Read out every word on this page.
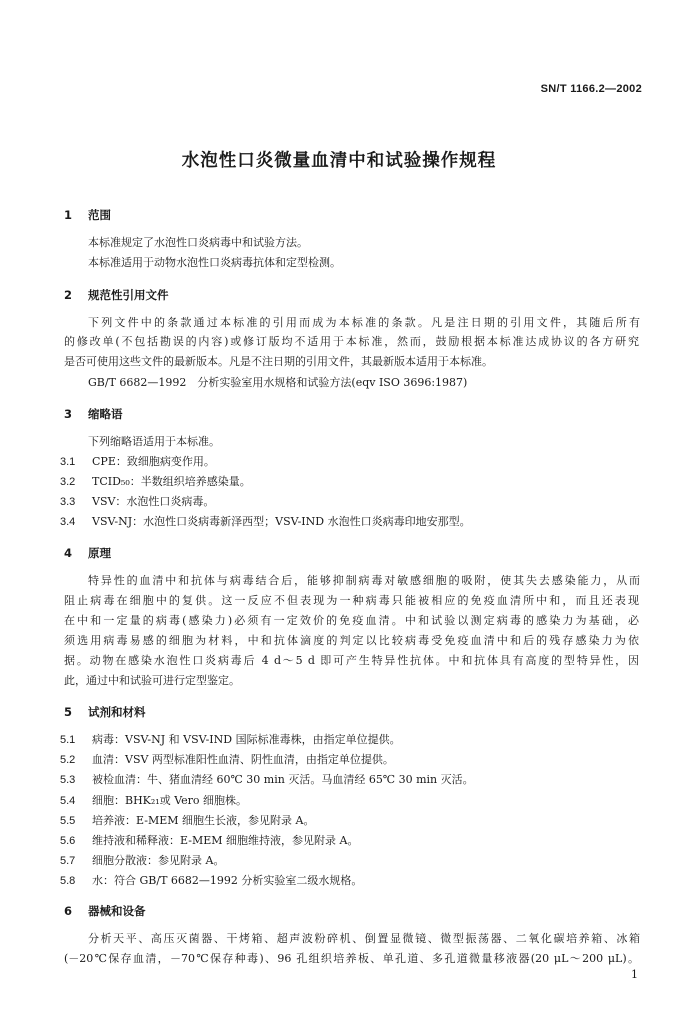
SN/T 1166.2—2002
水泡性口炎微量血清中和试验操作规程
1 范围
本标准规定了水泡性口炎病毒中和试验方法。
本标准适用于动物水泡性口炎病毒抗体和定型检测。
2 规范性引用文件
下列文件中的条款通过本标准的引用而成为本标准的条款。凡是注日期的引用文件，其随后所有
的修改单(不包括勘误的内容)或修订版均不适用于本标准，然而，鼓励根据本标准达成协议的各方研究
是否可使用这些文件的最新版本。凡是不注日期的引用文件，其最新版本适用于本标准。
GB/T 6682—1992　分析实验室用水规格和试验方法(eqv ISO 3696:1987)
3 缩略语
下列缩略语适用于本标准。
3.1 CPE：致细胞病变作用。
3.2 TCID₅₀：半数组织培养感染量。
3.3 VSV：水泡性口炎病毒。
3.4 VSV-NJ：水泡性口炎病毒新泽西型；VSV-IND 水泡性口炎病毒印地安那型。
4 原理
特异性的血清中和抗体与病毒结合后，能够抑制病毒对敏感细胞的吸附，使其失去感染能力，从而
阻止病毒在细胞中的复供。这一反应不但表现为一种病毒只能被相应的免疫血清所中和，而且还表现
在中和一定量的病毒(感染力)必须有一定效价的免疫血清。中和试验以测定病毒的感染力为基础，必
须选用病毒易感的细胞为材料，中和抗体滴度的判定以比较病毒受免疫血清中和后的残存感染力为依
据。动物在感染水泡性口炎病毒后 4 d～5 d 即可产生特异性抗体。中和抗体具有高度的型特异性，因
此，通过中和试验可进行定型鉴定。
5 试剂和材料
5.1 病毒：VSV-NJ 和 VSV-IND 国际标准毒株，由指定单位提供。
5.2 血清：VSV 两型标准阳性血清、阴性血清，由指定单位提供。
5.3 被检血清：牛、猪血清经 60℃ 30 min 灭活。马血清经 65℃ 30 min 灭活。
5.4 细胞：BHK₂₁或 Vero 细胞株。
5.5 培养液：E-MEM 细胞生长液，参见附录 A。
5.6 维持液和稀释液：E-MEM 细胞维持液，参见附录 A。
5.7 细胞分散液：参见附录 A。
5.8 水：符合 GB/T 6682—1992 分析实验室二级水规格。
6 器械和设备
分析天平、高压灭菌器、干烤箱、超声波粉碎机、倒置显微镜、微型振荡器、二氧化碳培养箱、冰箱
(－20℃保存血清，－70℃保存种毒)、96 孔组织培养板、单孔道、多孔道微量移液器(20 μL～200 μL)。
1
